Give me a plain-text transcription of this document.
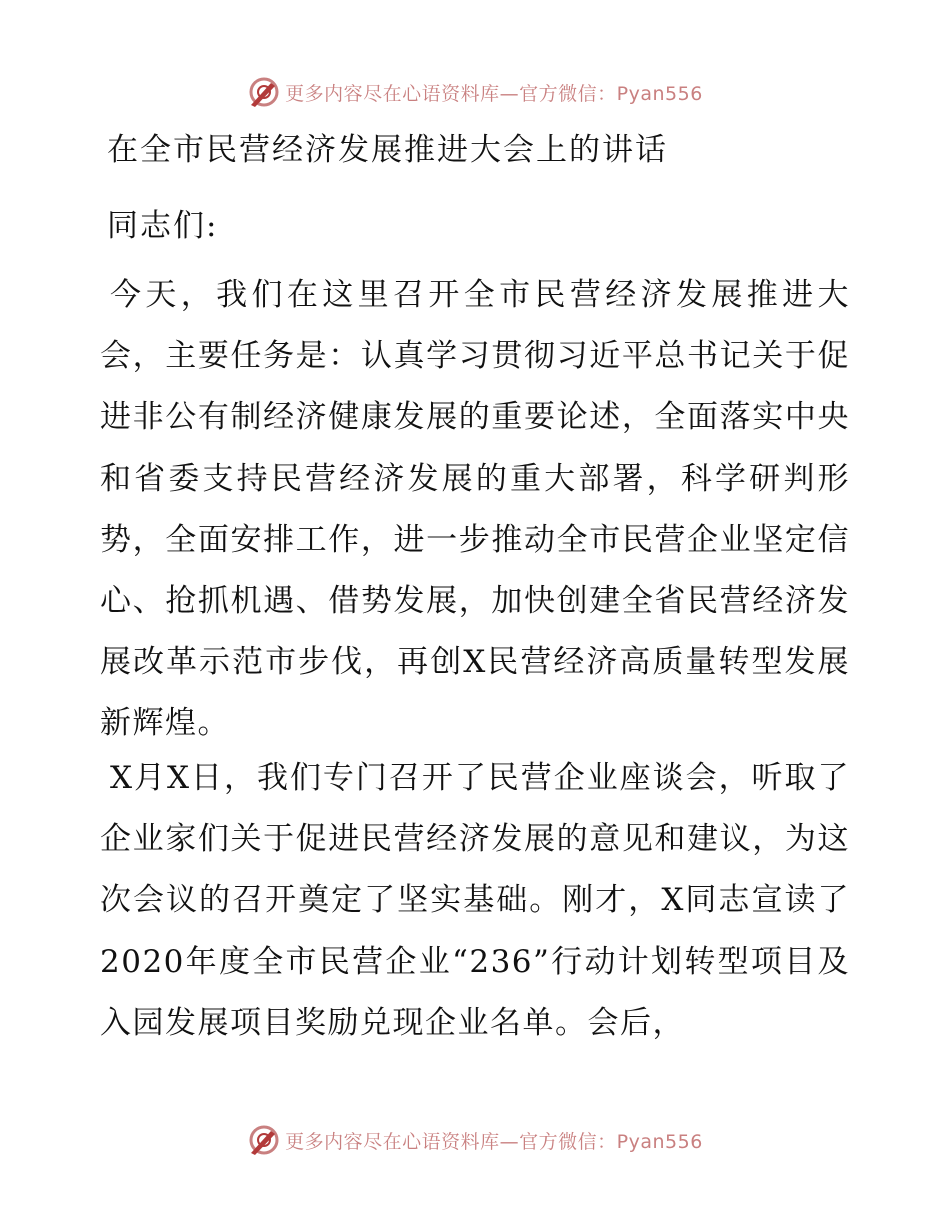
更多内容尽在心语资料库—官方微信：Pyan556
在全市民营经济发展推进大会上的讲话

同志们:

今天，我们在这里召开全市民营经济发展推进大会，主要任务是：认真学习贯彻习近平总书记关于促进非公有制经济健康发展的重要论述，全面落实中央和省委支持民营经济发展的重大部署，科学研判形势，全面安排工作，进一步推动全市民营企业坚定信心、抢抓机遇、借势发展，加快创建全省民营经济发展改革示范市步伐，再创X民营经济高质量转型发展新辉煌。

X月X日，我们专门召开了民营企业座谈会，听取了企业家们关于促进民营经济发展的意见和建议，为这次会议的召开奠定了坚实基础。刚才，X同志宣读了2020年度全市民营企业“236”行动计划转型项目及入园发展项目奖励兑现企业名单。会后，

更多内容尽在心语资料库—官方微信：Pyan556
